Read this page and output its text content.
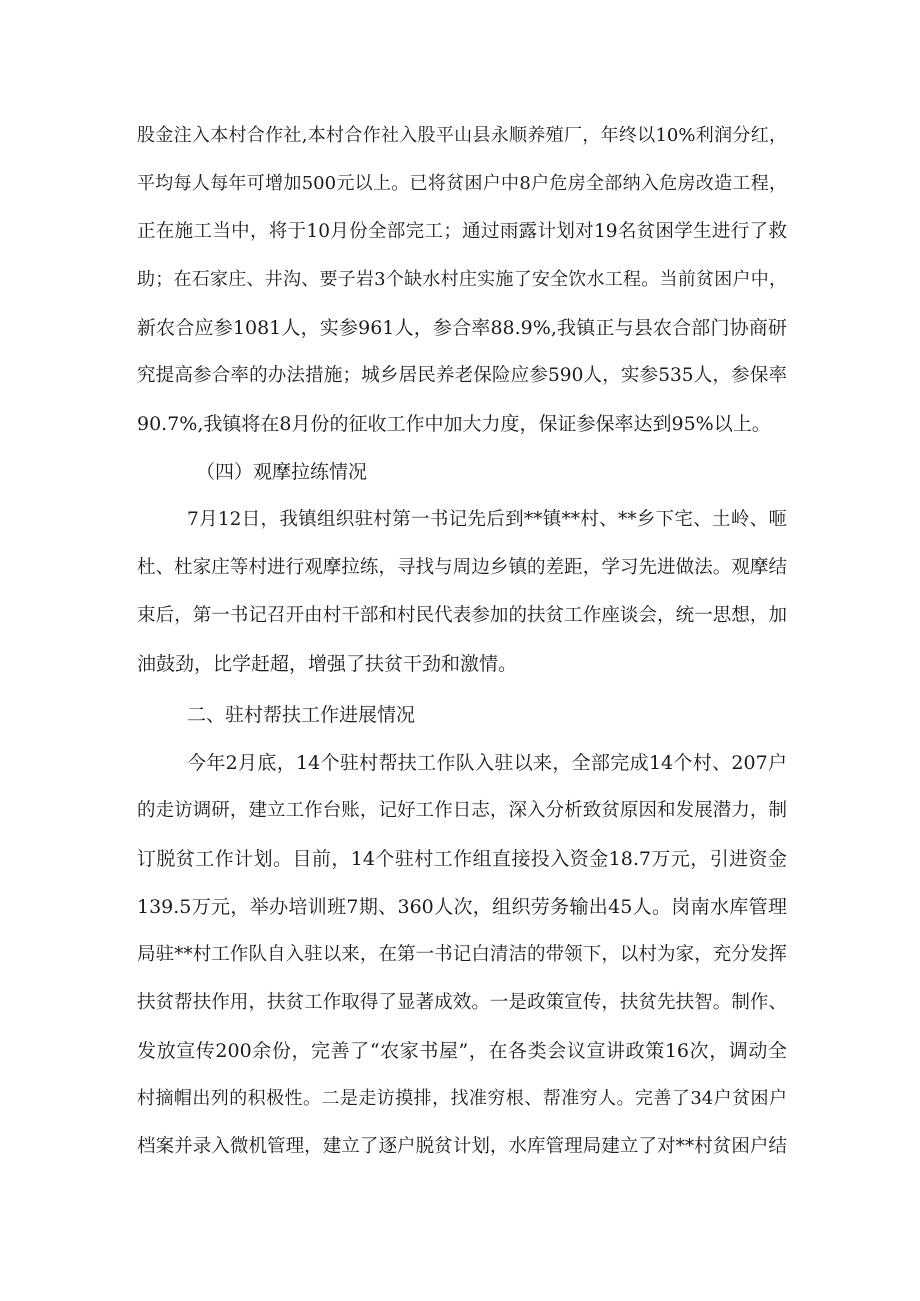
股金注入本村合作社,本村合作社入股平山县永顺养殖厂，年终以10%利润分红，
平均每人每年可增加500元以上。已将贫困户中8户危房全部纳入危房改造工程，
正在施工当中，将于10月份全部完工；通过雨露计划对19名贫困学生进行了救
助；在石家庄、井沟、要子岩3个缺水村庄实施了安全饮水工程。当前贫困户中，
新农合应参1081人，实参961人，参合率88.9%,我镇正与县农合部门协商研
究提高参合率的办法措施；城乡居民养老保险应参590人，实参535人，参保率
90.7%,我镇将在8月份的征收工作中加大力度，保证参保率达到95%以上。
（四）观摩拉练情况
7月12日，我镇组织驻村第一书记先后到**镇**村、**乡下宅、土岭、咂
杜、杜家庄等村进行观摩拉练，寻找与周边乡镇的差距，学习先进做法。观摩结
束后，第一书记召开由村干部和村民代表参加的扶贫工作座谈会，统一思想，加
油鼓劲，比学赶超，增强了扶贫干劲和激情。
二、驻村帮扶工作进展情况
今年2月底，14个驻村帮扶工作队入驻以来，全部完成14个村、207户
的走访调研，建立工作台账，记好工作日志，深入分析致贫原因和发展潜力，制
订脱贫工作计划。目前，14个驻村工作组直接投入资金18.7万元，引进资金
139.5万元，举办培训班7期、360人次，组织劳务输出45人。岗南水库管理
局驻**村工作队自入驻以来，在第一书记白清洁的带领下，以村为家，充分发挥
扶贫帮扶作用，扶贫工作取得了显著成效。一是政策宣传，扶贫先扶智。制作、
发放宣传200余份，完善了“农家书屋”，在各类会议宣讲政策16次，调动全
村摘帽出列的积极性。二是走访摸排，找准穷根、帮准穷人。完善了34户贫困户
档案并录入微机管理，建立了逐户脱贫计划，水库管理局建立了对**村贫困户结
